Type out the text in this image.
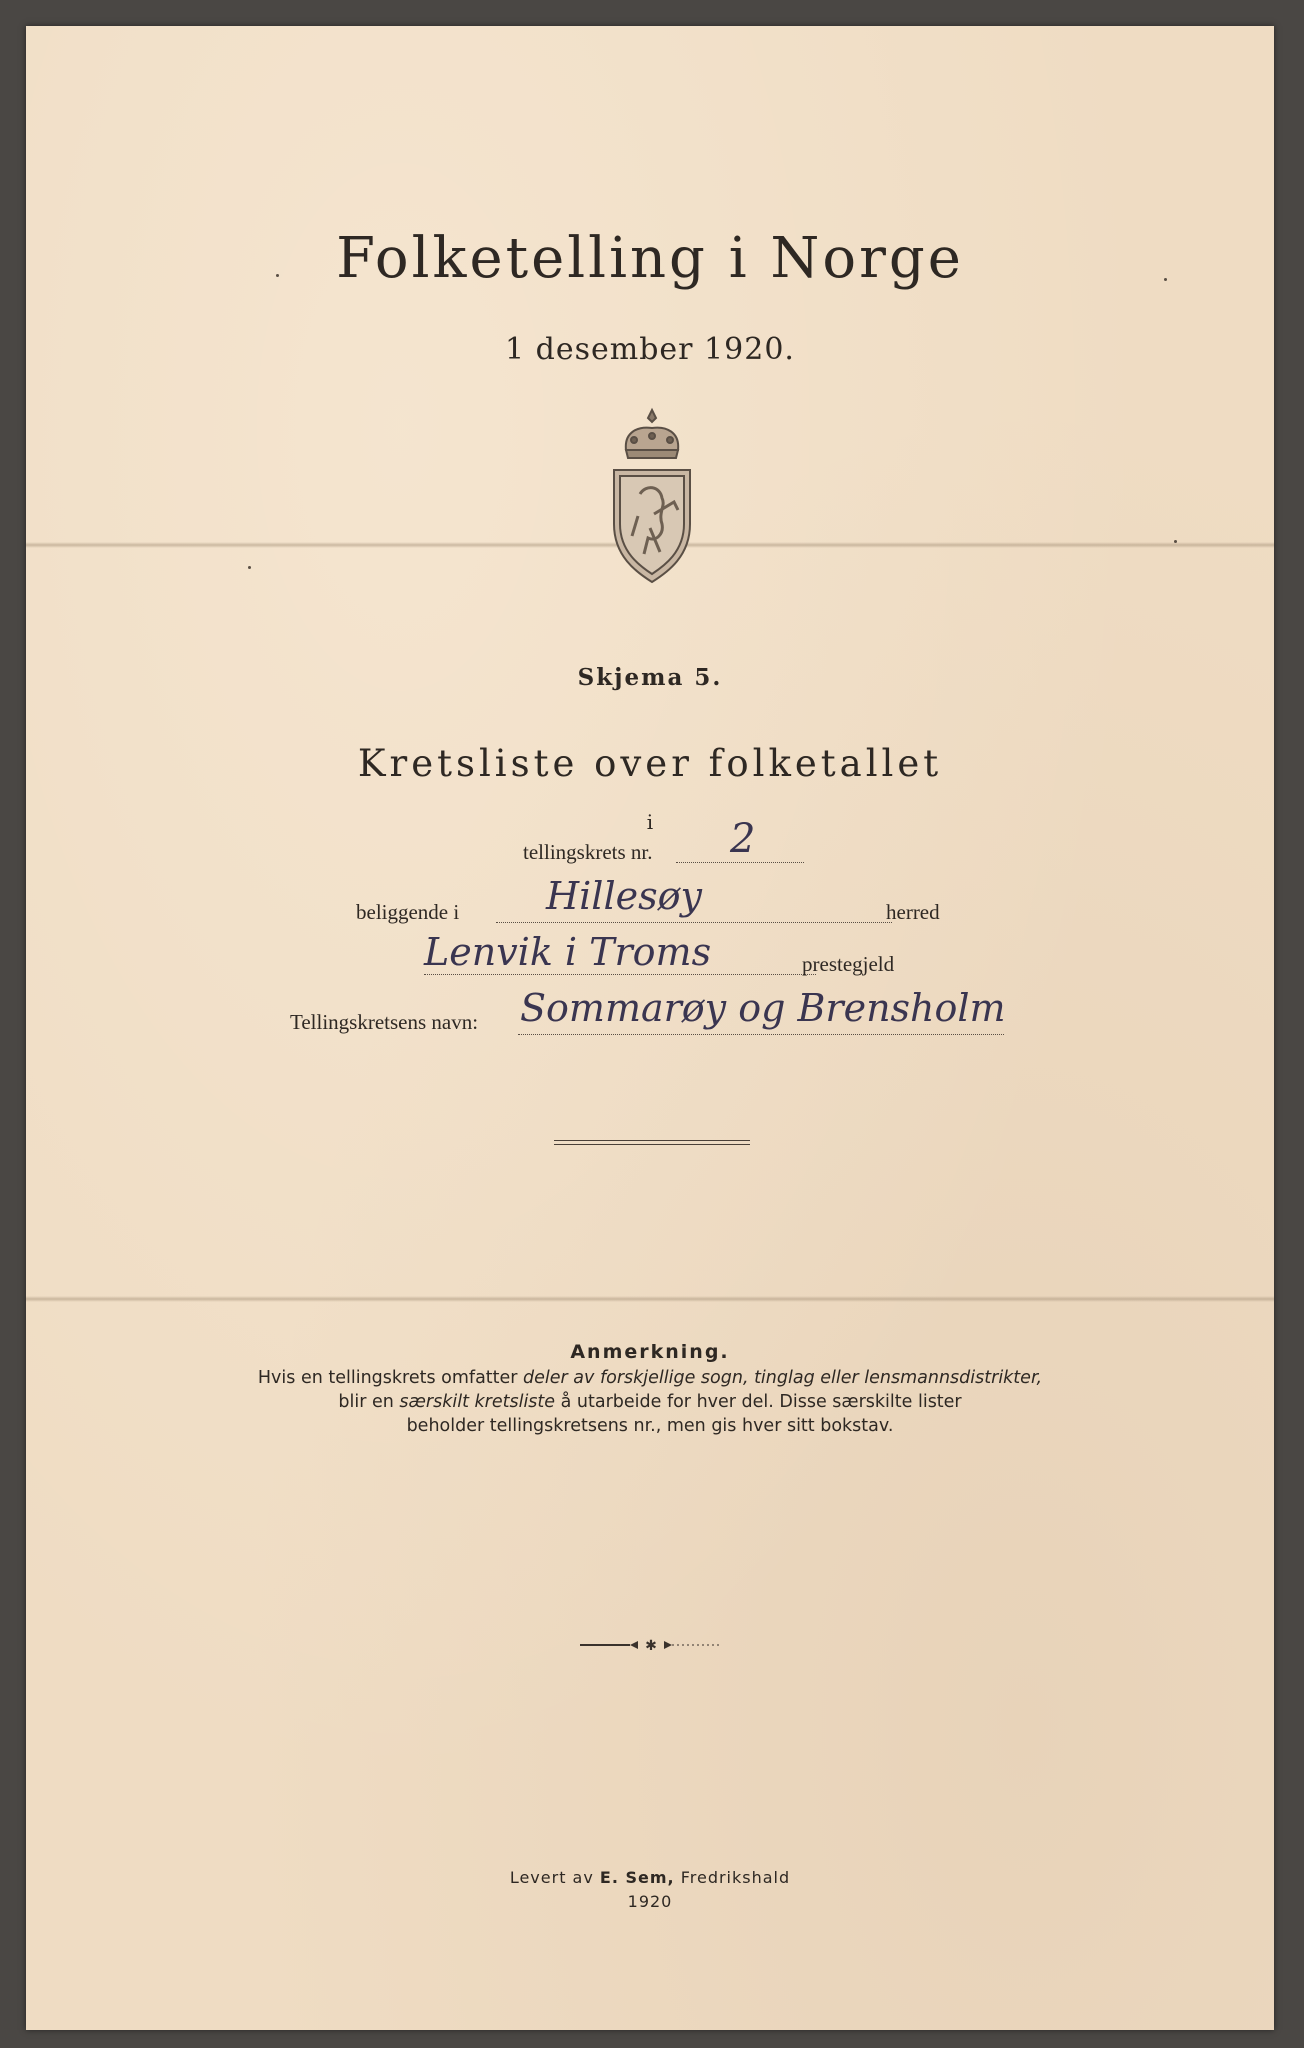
Folketelling i Norge
1 desember 1920.
Skjema 5.
Kretsliste over folketallet
i
tellingskrets nr. 2
beliggende i Hillesøy	herred
Lenvik i Troms	prestegjeld
Tellingskretsens navn: Sommarøy og Brensholm
Anmerkning.
Hvis en tellingskrets omfatter deler av forskjellige sogn, tinglag eller lensmannsdistrikter,
blir en særskilt kretsliste å utarbeide for hver del. Disse særskilte lister
beholder tellingskretsens nr., men gis hver sitt bokstav.
✱
Levert av E. Sem, Fredrikshald
1920
